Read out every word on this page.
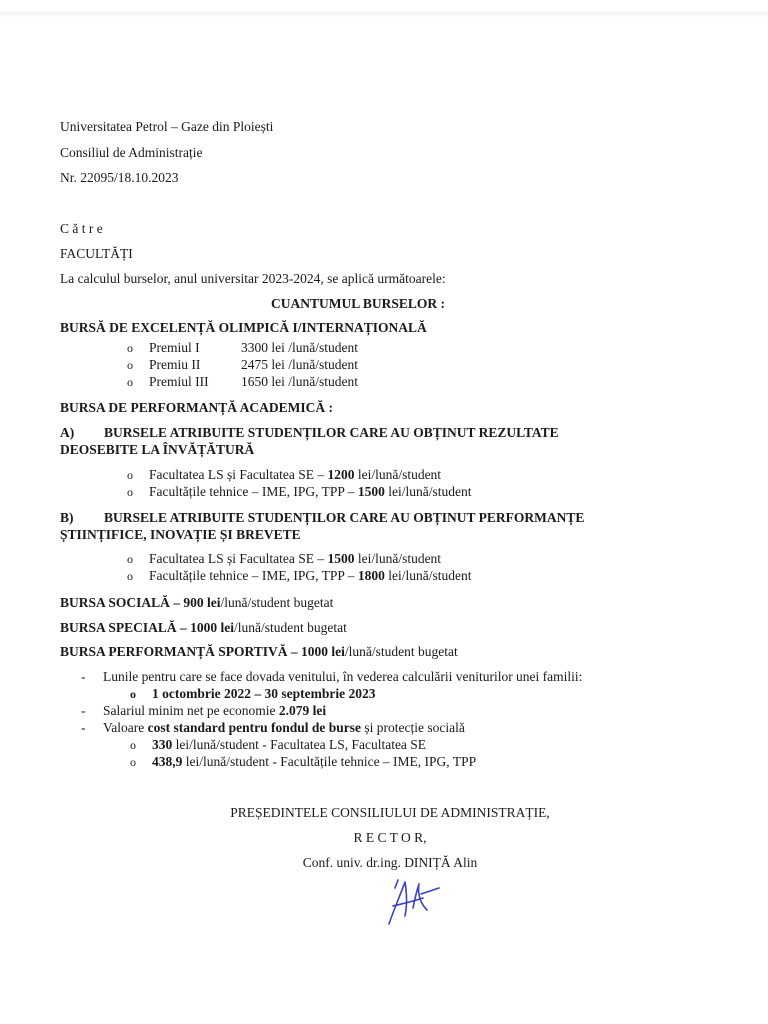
Universitatea Petrol – Gaze din Ploiești
Consiliul de Administrație
Nr. 22095/18.10.2023
C ă t r e
FACULTĂȚI
La calculul burselor, anul universitar 2023-2024, se aplică următoarele:
CUANTUMUL BURSELOR :
BURSĂ DE EXCELENȚĂ OLIMPICĂ I/INTERNAȚIONALĂ
o Premiul I	3300 lei /lună/student
o Premiu II	2475 lei /lună/student
o Premiul III 1650 lei /lună/student
BURSA DE PERFORMANȚĂ ACADEMICĂ :
A) BURSELE ATRIBUITE STUDENȚILOR CARE AU OBȚINUT REZULTATE
DEOSEBITE LA ÎNVĂȚĂTURĂ
o Facultatea LS și Facultatea SE – 1200 lei/lună/student
o Facultățile tehnice – IME, IPG, TPP – 1500 lei/lună/student
B) BURSELE ATRIBUITE STUDENȚILOR CARE AU OBȚINUT PERFORMANȚE
ȘTIINȚIFICE, INOVAȚIE ȘI BREVETE
o Facultatea LS și Facultatea SE – 1500 lei/lună/student
o Facultățile tehnice – IME, IPG, TPP – 1800 lei/lună/student
BURSA SOCIALĂ – 900 lei/lună/student bugetat
BURSA SPECIALĂ – 1000 lei/lună/student bugetat
BURSA PERFORMANȚĂ SPORTIVĂ – 1000 lei/lună/student bugetat
- Lunile pentru care se face dovada venitului, în vederea calculării veniturilor unei familii:
o 1 octombrie 2022 – 30 septembrie 2023
- Salariul minim net pe economie 2.079 lei
- Valoare cost standard pentru fondul de burse și protecție socială
o 330 lei/lună/student - Facultatea LS, Facultatea SE
o 438,9 lei/lună/student - Facultățile tehnice – IME, IPG, TPP
PREȘEDINTELE CONSILIULUI DE ADMINISTRAȚIE,
R E C T O R,
Conf. univ. dr.ing. DINIȚĂ Alin
